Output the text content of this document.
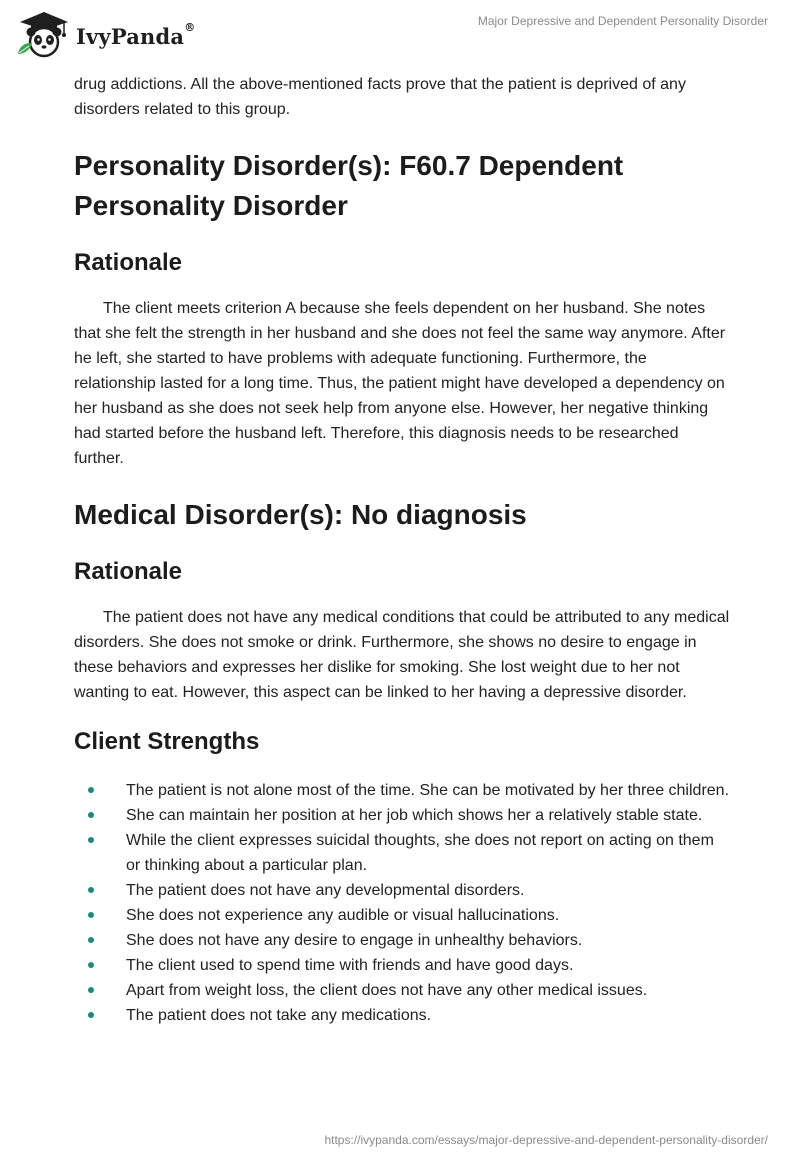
IvyPanda®	Major Depressive and Dependent Personality Disorder

drug addictions. All the above-mentioned facts prove that the patient is deprived of any disorders related to this group.

Personality Disorder(s): F60.7 Dependent Personality Disorder
Rationale

The client meets criterion A because she feels dependent on her husband. She notes that she felt the strength in her husband and she does not feel the same way anymore. After he left, she started to have problems with adequate functioning. Furthermore, the relationship lasted for a long time. Thus, the patient might have developed a dependency on her husband as she does not seek help from anyone else. However, her negative thinking had started before the husband left. Therefore, this diagnosis needs to be researched further.

Medical Disorder(s): No diagnosis
Rationale

The patient does not have any medical conditions that could be attributed to any medical disorders. She does not smoke or drink. Furthermore, she shows no desire to engage in these behaviors and expresses her dislike for smoking. She lost weight due to her not wanting to eat. However, this aspect can be linked to her having a depressive disorder.

Client Strengths
The patient is not alone most of the time. She can be motivated by her three children.
She can maintain her position at her job which shows her a relatively stable state.
While the client expresses suicidal thoughts, she does not report on acting on them or thinking about a particular plan.
The patient does not have any developmental disorders.
She does not experience any audible or visual hallucinations.
She does not have any desire to engage in unhealthy behaviors.
The client used to spend time with friends and have good days.
Apart from weight loss, the client does not have any other medical issues.
The patient does not take any medications.
https://ivypanda.com/essays/major-depressive-and-dependent-personality-disorder/
